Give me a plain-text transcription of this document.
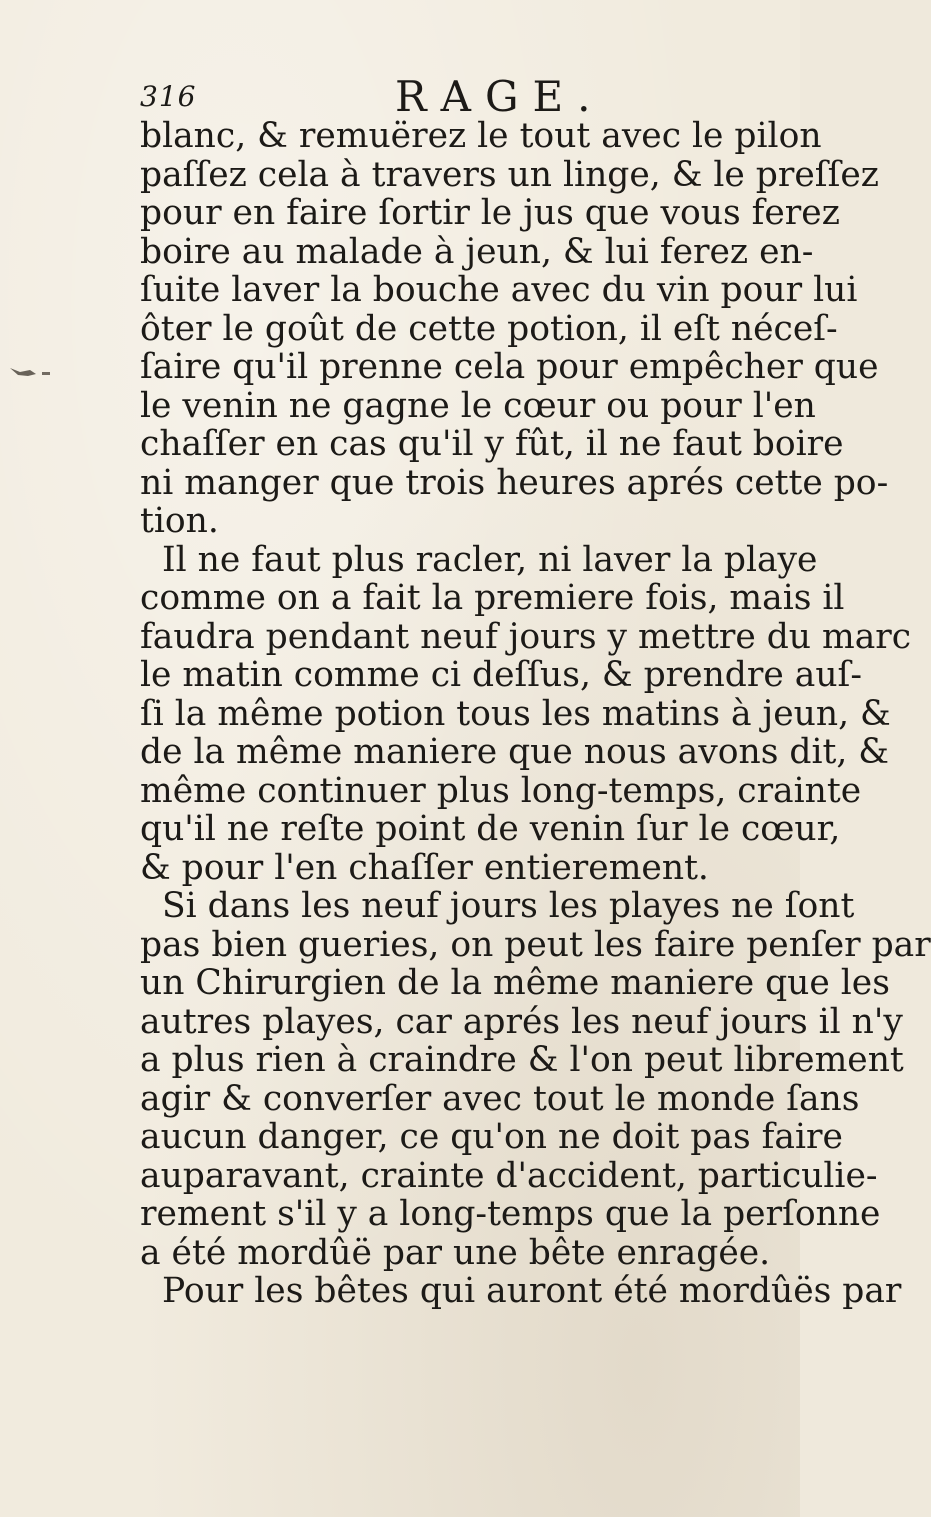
316	RAGE.
blanc, & remuërez le tout avec le pilon
paſſez cela à travers un linge, & le preſſez
pour en faire ſortir le jus que vous ferez
boire au malade à jeun, & lui ferez en-
ſuite laver la bouche avec du vin pour lui
ôter le goût de cette potion, il eſt néceſ-
ſaire qu'il prenne cela pour empêcher que
le venin ne gagne le cœur ou pour l'en
chaſſer en cas qu'il y fût, il ne faut boire
ni manger que trois heures aprés cette po-
tion.
Il ne faut plus racler, ni laver la playe
comme on a fait la premiere fois, mais il
faudra pendant neuf jours y mettre du marc
le matin comme ci deſſus, & prendre auſ-
ſi la même potion tous les matins à jeun, &
de la même maniere que nous avons dit, &
même continuer plus long-temps, crainte
qu'il ne reſte point de venin ſur le cœur,
& pour l'en chaſſer entierement.
Si dans les neuf jours les playes ne ſont
pas bien gueries, on peut les faire penſer par
un Chirurgien de la même maniere que les
autres playes, car aprés les neuf jours il n'y
a plus rien à craindre & l'on peut librement
agir & converſer avec tout le monde ſans
aucun danger, ce qu'on ne doit pas faire
auparavant, crainte d'accident, particulie-
rement s'il y a long-temps que la perſonne
a été mordûë par une bête enragée.
Pour les bêtes qui auront été mordûës par
